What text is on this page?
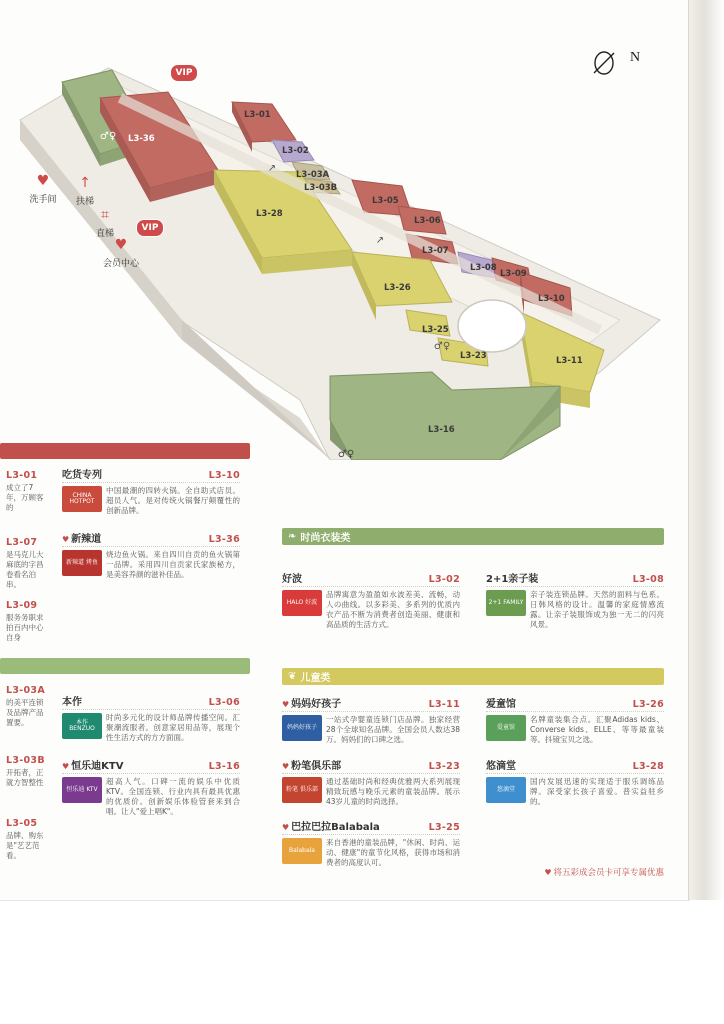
N
L3-36
L3-01
L3-02
L3-03A
L3-03B
L3-28
L3-05
L3-06
L3-07
L3-08
L3-09
L3-10
L3-26
L3-25
L3-23	L3-11
L3-16
VIP
VIP
♂♀
♂♀
↗
↗
♂♀
♂♀
♥
洗手间
↑
扶梯
⌗
直梯
♥
会员中心
L3-01
成立了7年，万顾客的
L3-07
是马克儿大麻底的字昌卷看名泊串。
L3-09
服务务职求拍百内中心自身
L3-03A
的美平连锁及品牌产品置要。
L3-03B
开拓者，正就方智整性
L3-05
品牌、购东是"艺艺范看。
吃货专列	L3-10
CHINA HOTPOT
中国最潮的四转火锅。全自助式店员。超员人气。是对传统火锅餐厅颠覆性的创新品牌。
♥ 新辣道	L3-36
新辣道 烤鱼
烧边鱼火锅。来自四川自贡的鱼火锅第一品牌。采用四川自贡家氏家族秘方，是美容养颜的滋补佳品。
本作	L3-06
本作 BENZUO
时尚多元化的设计师品牌传播空间。汇聚潮流服者。创意家居用品等，展现个性生活方式的方方面面。
♥ 恒乐迪KTV	L3-16
恒乐迪 KTV
超高人气。口碑一流的娱乐中优质KTV。全国连锁、行业内具有最具优惠的优质价。创新娱乐体验管套来到合唱。让人"爱上唱K"。
❧ 时尚衣装类
好波	L3-02
HALO 好波
品牌寓意为盈盈如水波差美、流畅，动人の曲线。以多彩美、多系列的优质内衣产品不断为消费者创造美丽、健康和高品质的生活方式。
2+1亲子装	L3-08
2+1 FAMILY
亲子装连锁品牌。天然的面料与色系。日韩风格的设计。温馨的家庭情感流露。让亲子装服饰成为独一无二的闪亮风景。
❦ 儿童类
♥ 妈妈好孩子	L3-11
妈妈好孩子
一站式孕婴童连锁门店品牌。独家经营28个全球知名品牌。全国会员人数达38万。妈妈们的口碑之选。
爱童馆	L3-26
爱童馆
名牌童装集合点。汇聚Adidas kids、Converse kids、ELLE、等等最童装等。抖镜宝贝之选。
♥ 粉笔俱乐部	L3-23
粉笔 俱乐部
通过基础时尚和经典优雅两大系列展现精致玩感与晚乐元素的童装品牌。展示43岁儿童的时尚选择。
悠滴堂	L3-28
悠滴堂
国内发展迅速的实现适于服乐调练品牌。深受家长孩子喜爱。普实益驻乡的。
♥ 巴拉巴拉Balabala	L3-25
Balabala
来自香港的童装品牌，"休闲、时尚、运动、健康"的童节化风格，获得市场和消费者的高度认可。
♥ 将五彩成会员卡可享专属优惠
